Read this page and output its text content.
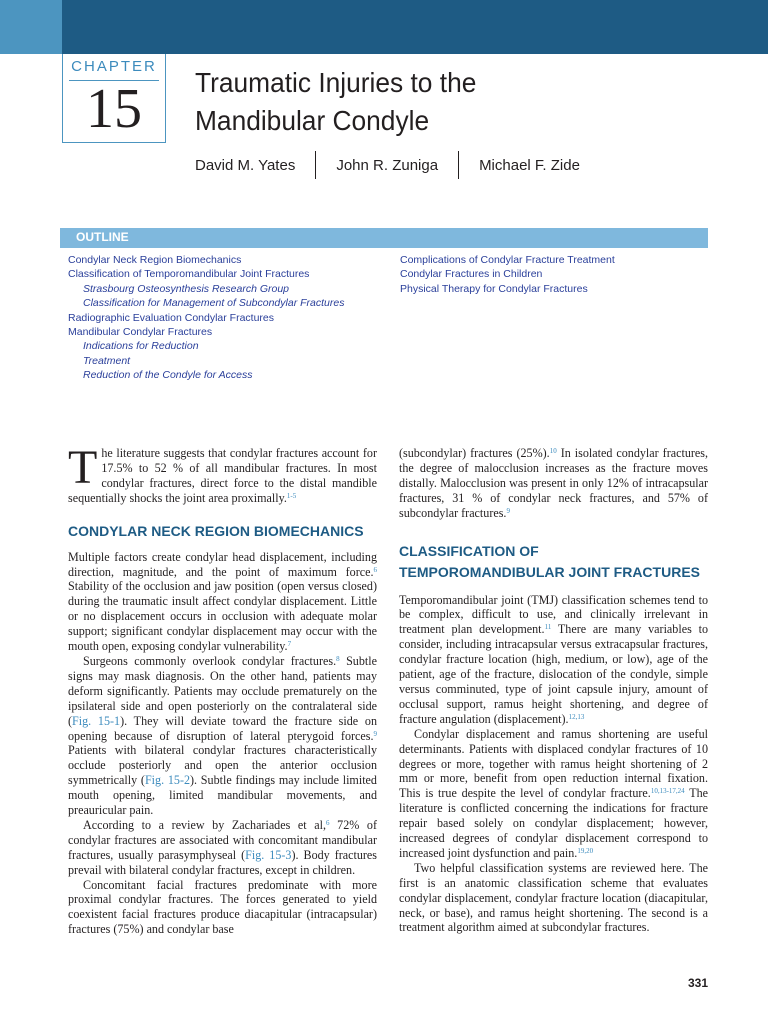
CHAPTER
15	Traumatic Injuries to the
Mandibular Condyle
David M. Yates	John R. Zuniga	Michael F. Zide
OUTLINE
Condylar Neck Region Biomechanics
Classification of Temporomandibular Joint Fractures
Strasbourg Osteosynthesis Research Group
Classification for Management of Subcondylar Fractures
Radiographic Evaluation Condylar Fractures
Mandibular Condylar Fractures
Indications for Reduction
Treatment
Reduction of the Condyle for Access
Complications of Condylar Fracture Treatment
Condylar Fractures in Children
Physical Therapy for Condylar Fractures

The literature suggests that condylar fractures account for 17.5% to 52 % of all mandibular fractures. In most condylar fractures, direct force to the distal mandible sequentially shocks the joint area proximally.$^{1-5}$

CONDYLAR NECK REGION BIOMECHANICS

Multiple factors create condylar head displacement, including direction, magnitude, and the point of maximum force.$^6$ Stability of the occlusion and jaw position (open versus closed) during the traumatic insult affect condylar displacement. Little or no displacement occurs in occlusion with adequate molar support; significant condylar displacement may occur with the mouth open, exposing condylar vulnerability.$^7$

Surgeons commonly overlook condylar fractures.$^8$ Subtle signs may mask diagnosis. On the other hand, patients may deform significantly. Patients may occlude prematurely on the ipsilateral side and open posteriorly on the contralateral side (Fig. 15-1). They will deviate toward the fracture side on opening because of disruption of lateral pterygoid forces.$^9$ Patients with bilateral condylar fractures characteristically occlude posteriorly and open the anterior occlusion symmetrically (Fig. 15-2). Subtle findings may include limited mouth opening, limited mandibular movements, and preauricular pain.

According to a review by Zachariades et al,$^6$ 72% of condylar fractures are associated with concomitant mandibular fractures, usually parasymphyseal (Fig. 15-3). Body fractures prevail with bilateral condylar fractures, except in children.

Concomitant facial fractures predominate with more proximal condylar fractures. The forces generated to yield coexistent facial fractures produce diacapitular (intracapsular) fractures (75%) and condylar base

(subcondylar) fractures (25%).$^{10}$ In isolated condylar fractures, the degree of malocclusion increases as the fracture moves distally. Malocclusion was present in only 12% of intracapsular fractures, 31 % of condylar neck fractures, and 57% of subcondylar fractures.$^9$

CLASSIFICATION OF
TEMPOROMANDIBULAR JOINT FRACTURES

Temporomandibular joint (TMJ) classification schemes tend to be complex, difficult to use, and clinically irrelevant in treatment plan development.$^{11}$ There are many variables to consider, including intracapsular versus extracapsular fractures, condylar fracture location (high, medium, or low), age of the patient, age of the fracture, dislocation of the condyle, simple versus comminuted, type of joint capsule injury, amount of occlusal support, ramus height shortening, and degree of fracture angulation (displacement).$^{12,13}$

Condylar displacement and ramus shortening are useful determinants. Patients with displaced condylar fractures of 10 degrees or more, together with ramus height shortening of 2 mm or more, benefit from open reduction internal fixation. This is true despite the level of condylar fracture.$^{10,13-17,24}$ The literature is conflicted concerning the indications for fracture repair based solely on condylar displacement; however, increased degrees of condylar displacement correspond to increased joint dysfunction and pain.$^{19,20}$

Two helpful classification systems are reviewed here. The first is an anatomic classification scheme that evaluates condylar displacement, condylar fracture location (diacapitular, neck, or base), and ramus height shortening. The second is a treatment algorithm aimed at subcondylar fractures.

331
